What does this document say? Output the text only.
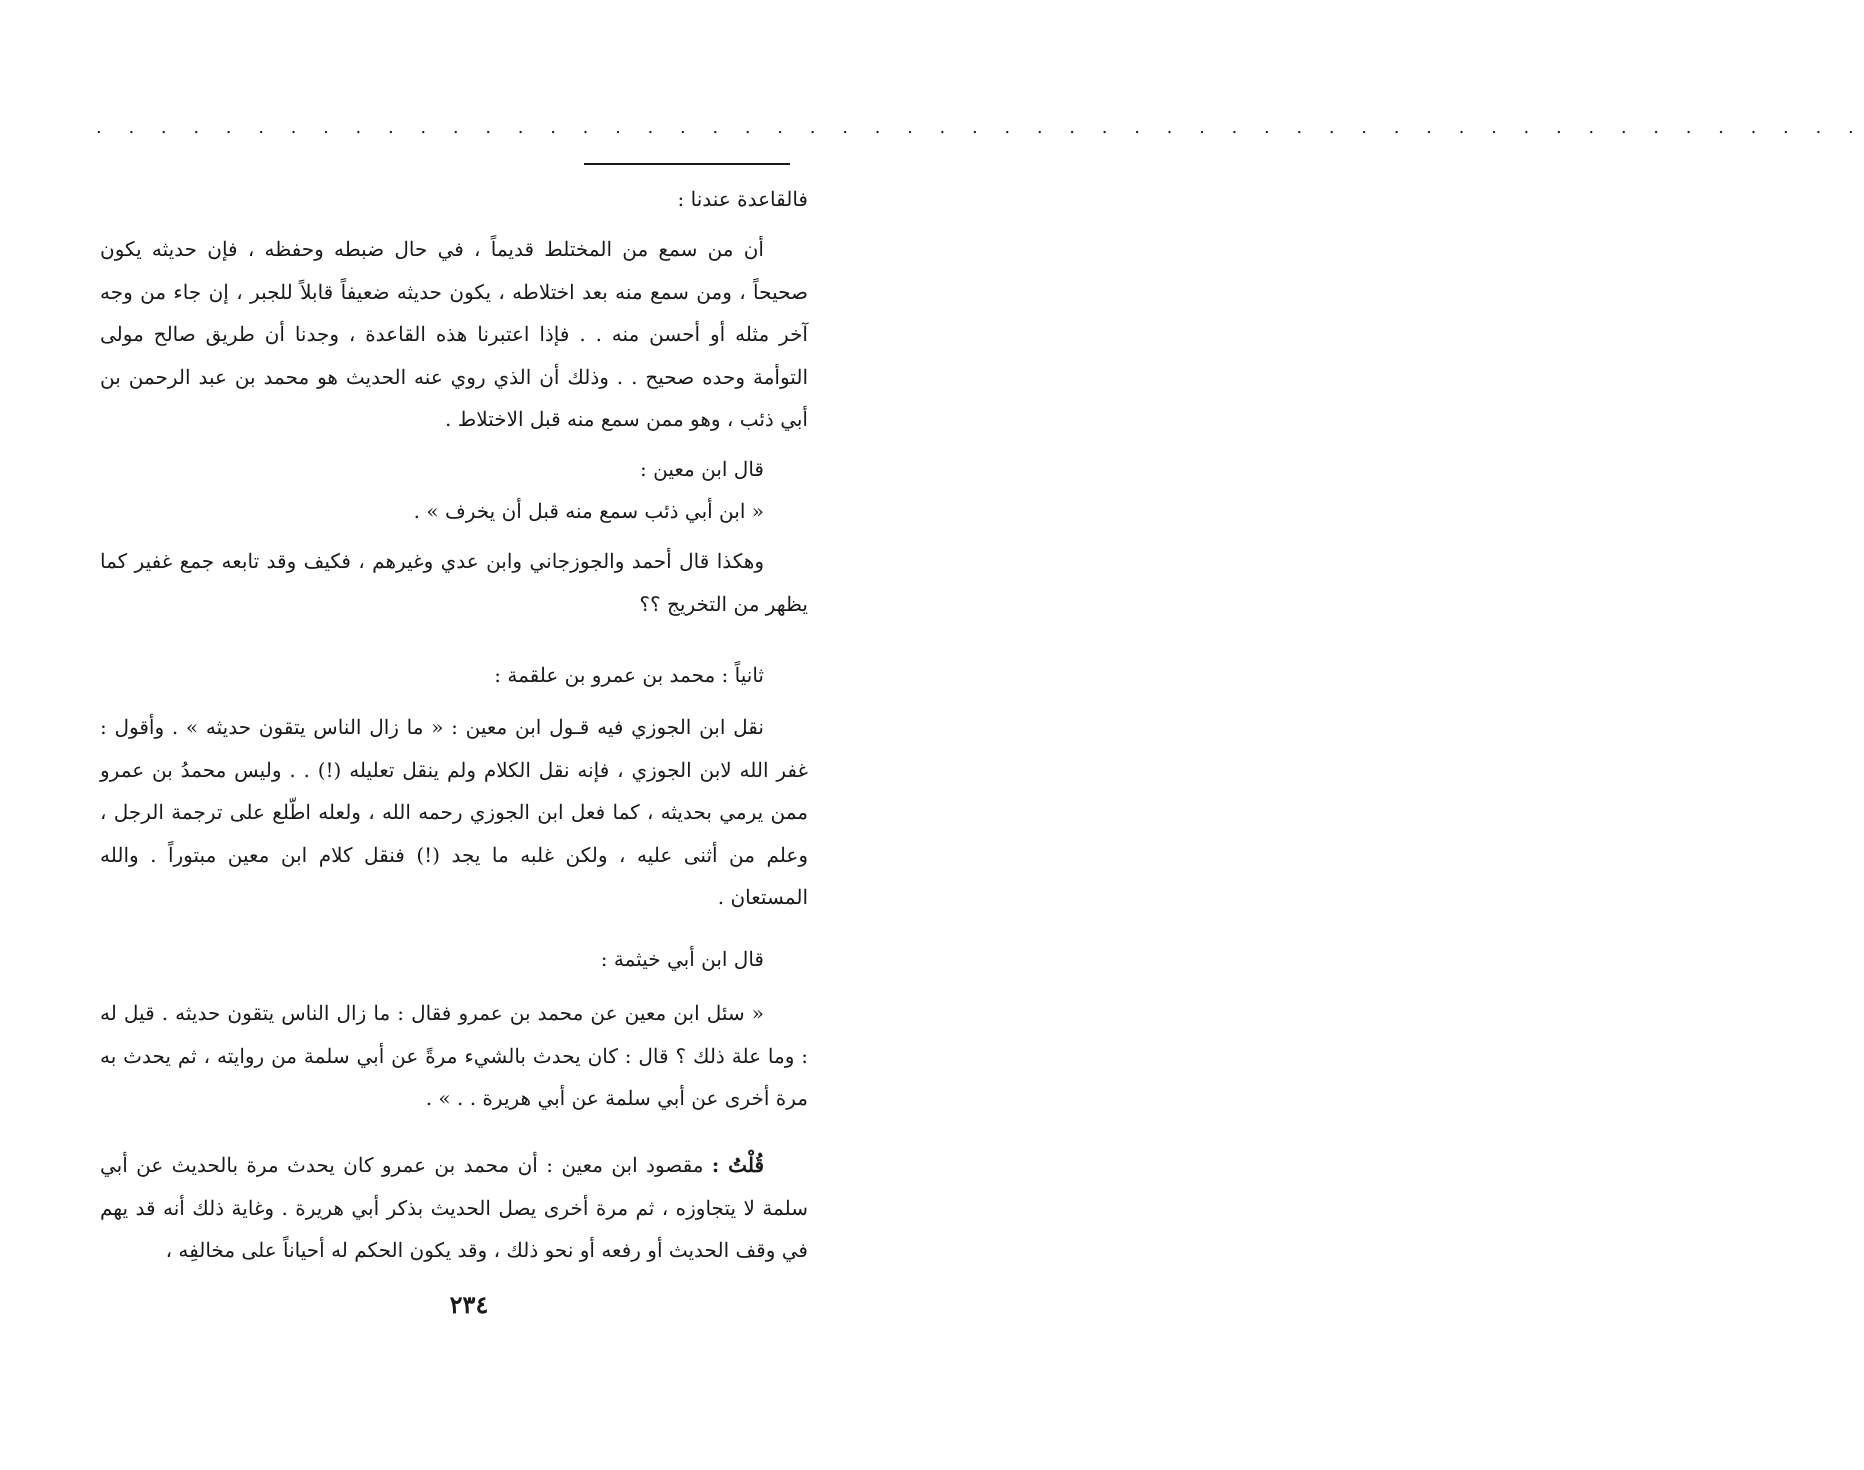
. . . . . . . . . . . . . . . . . . . . . . . . . . . . . . . . . . . . . . . . . . . . . . . . . . . . . . .

فالقاعدة عندنا :

أن من سمع من المختلط قديماً ، في حال ضبطه وحفظه ، فإن حديثه يكون صحيحاً ، ومن سمع منه بعد اختلاطه ، يكون حديثه ضعيفاً قابلاً للجبر ، إن جاء من وجه آخر مثله أو أحسن منه . . فإذا اعتبرنا هذه القاعدة ، وجدنا أن طريق صالح مولى التوأمة وحده صحيح . . وذلك أن الذي روي عنه الحديث هو محمد بن عبد الرحمن بن أبي ذئب ، وهو ممن سمع منه قبل الاختلاط .

قال ابن معين :

« ابن أبي ذئب سمع منه قبل أن يخرف » .

وهكذا قال أحمد والجوزجاني وابن عدي وغيرهم ، فكيف وقد تابعه جمع غفير كما يظهر من التخريج ؟؟

ثانياً : محمد بن عمرو بن علقمة :

نقل ابن الجوزي فيه قـول ابن معين : « ما زال الناس يتقون حديثه » . وأقول : غفر الله لابن الجوزي ، فإنه نقل الكلام ولم ينقل تعليله (!) . . وليس محمدُ بن عمرو ممن يرمي بحديثه ، كما فعل ابن الجوزي رحمه الله ، ولعله اطّلع على ترجمة الرجل ، وعلم من أثنى عليه ، ولكن غلبه ما يجد (!) فنقل كلام ابن معين مبتوراً . والله المستعان .

قال ابن أبي خيثمة :

« سئل ابن معين عن محمد بن عمرو فقال : ما زال الناس يتقون حديثه . قيل له : وما علة ذلك ؟ قال : كان يحدث بالشيء مرةً عن أبي سلمة من روايته ، ثم يحدث به مرة أخرى عن أبي سلمة عن أبي هريرة . . » .

قُلْتُ : مقصود ابن معين : أن محمد بن عمرو كان يحدث مرة بالحديث عن أبي سلمة لا يتجاوزه ، ثم مرة أخرى يصل الحديث بذكر أبي هريرة . وغاية ذلك أنه قد يهم في وقف الحديث أو رفعه أو نحو ذلك ، وقد يكون الحكم له أحياناً على مخالفِه ،

٢٣٤
